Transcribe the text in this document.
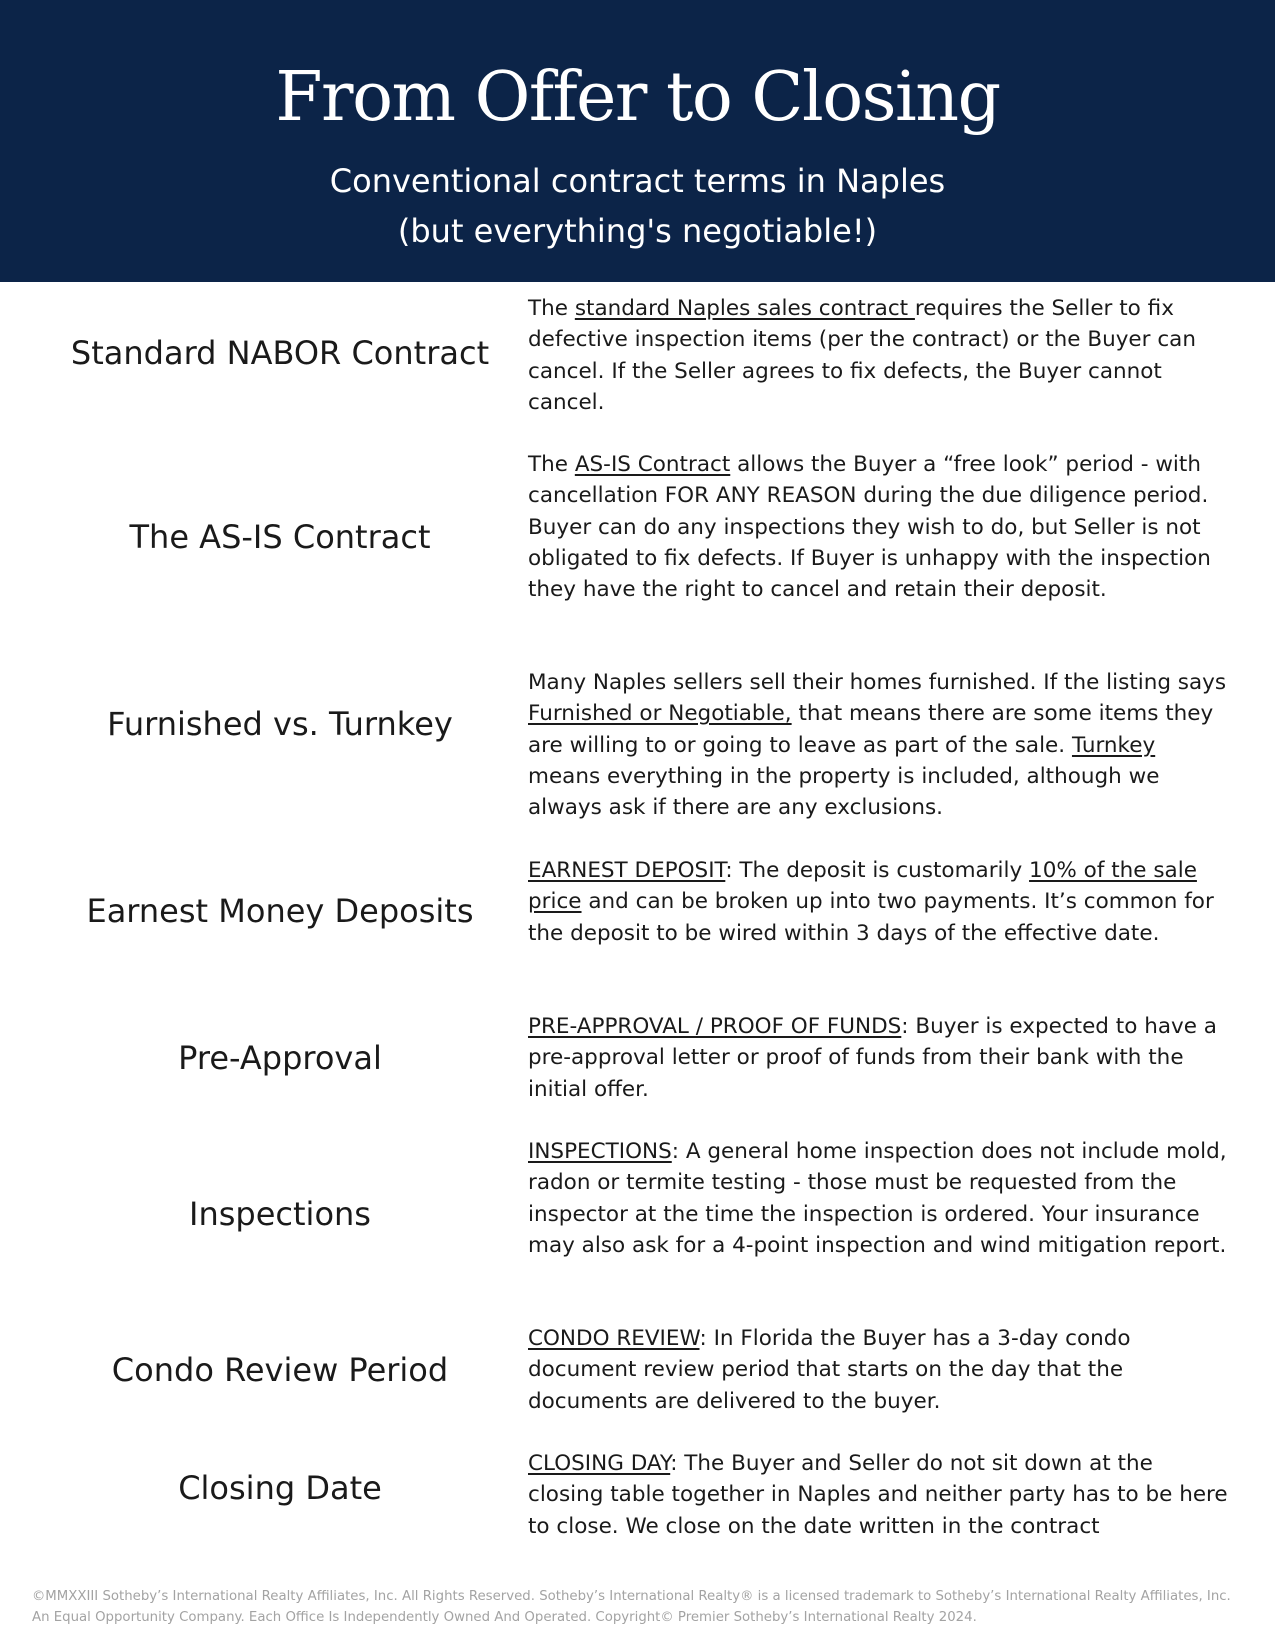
From Offer to Closing
Conventional contract terms in Naples
(but everything's negotiable!)
Standard NABOR Contract
The standard Naples sales contract requires the Seller to fix defective inspection items (per the contract) or the Buyer can cancel. If the Seller agrees to fix defects, the Buyer cannot cancel.
The AS-IS Contract
The AS-IS Contract allows the Buyer a “free look” period - with cancellation FOR ANY REASON during the due diligence period. Buyer can do any inspections they wish to do, but Seller is not obligated to fix defects. If Buyer is unhappy with the inspection they have the right to cancel and retain their deposit.
Furnished vs. Turnkey
Many Naples sellers sell their homes furnished. If the listing says Furnished or Negotiable, that means there are some items they are willing to or going to leave as part of the sale. Turnkey means everything in the property is included, although we always ask if there are any exclusions.
Earnest Money Deposits
EARNEST DEPOSIT: The deposit is customarily 10% of the sale price and can be broken up into two payments. It’s common for the deposit to be wired within 3 days of the effective date.
Pre-Approval
PRE-APPROVAL / PROOF OF FUNDS: Buyer is expected to have a pre-approval letter or proof of funds from their bank with the initial offer.
Inspections
INSPECTIONS: A general home inspection does not include mold, radon or termite testing - those must be requested from the inspector at the time the inspection is ordered. Your insurance may also ask for a 4-point inspection and wind mitigation report.
Condo Review Period
CONDO REVIEW: In Florida the Buyer has a 3-day condo document review period that starts on the day that the documents are delivered to the buyer.
Closing Date
CLOSING DAY: The Buyer and Seller do not sit down at the closing table together in Naples and neither party has to be here to close. We close on the date written in the contract
©MMXXIII Sotheby’s International Realty Affiliates, Inc. All Rights Reserved. Sotheby’s International Realty® is a licensed trademark to Sotheby’s International Realty Affiliates, Inc. An Equal Opportunity Company. Each Office Is Independently Owned And Operated. Copyright© Premier Sotheby’s International Realty 2024.
